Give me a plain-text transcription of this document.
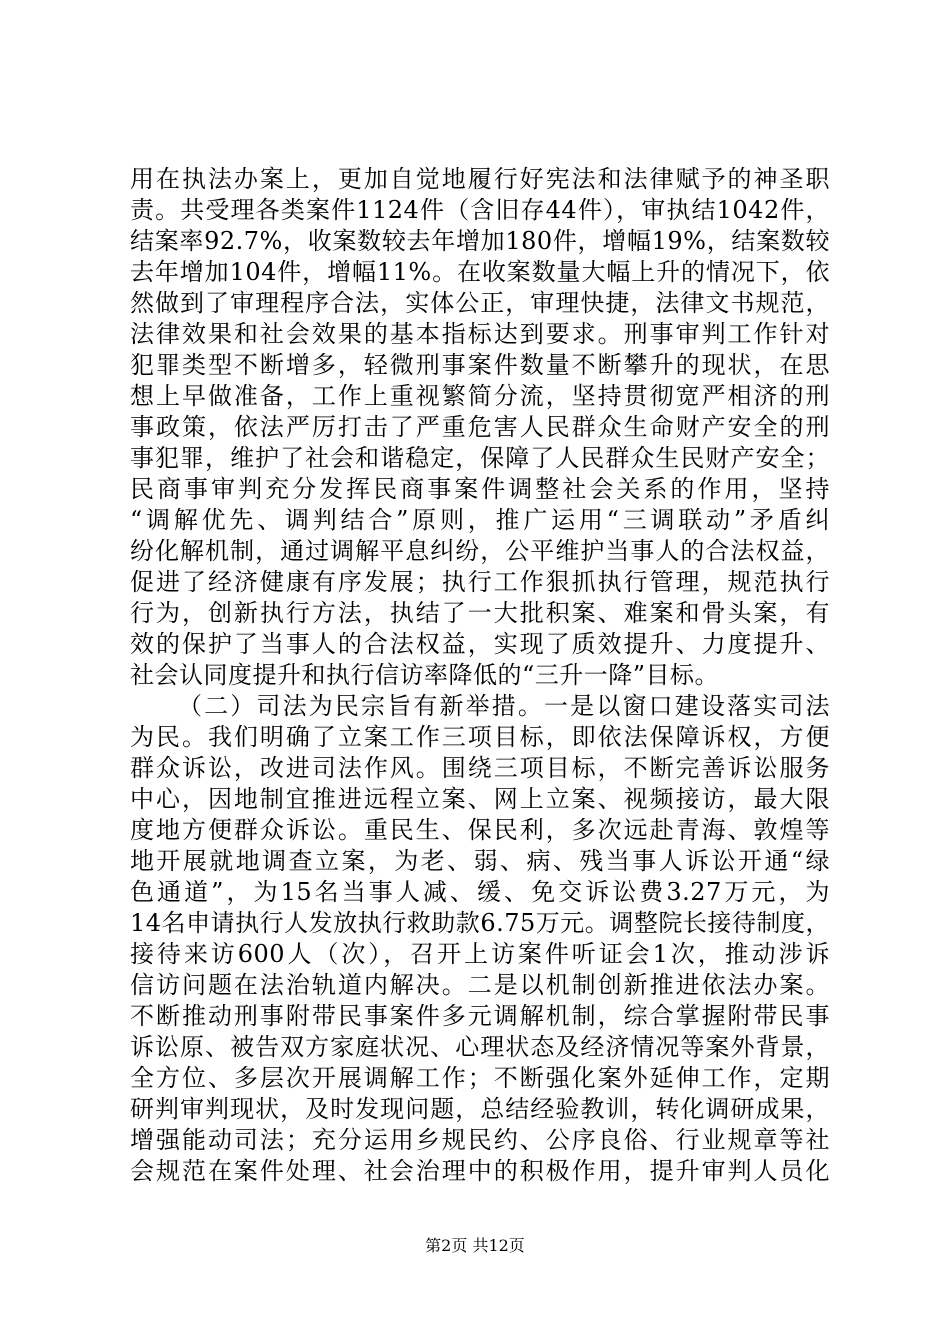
用在执法办案上，更加自觉地履行好宪法和法律赋予的神圣职
责。共受理各类案件1124件（含旧存44件），审执结1042件，
结案率92.7%，收案数较去年增加180件，增幅19%，结案数较
去年增加104件，增幅11%。在收案数量大幅上升的情况下，依
然做到了审理程序合法，实体公正，审理快捷，法律文书规范，
法律效果和社会效果的基本指标达到要求。刑事审判工作针对
犯罪类型不断增多，轻微刑事案件数量不断攀升的现状，在思
想上早做准备，工作上重视繁简分流，坚持贯彻宽严相济的刑
事政策，依法严厉打击了严重危害人民群众生命财产安全的刑
事犯罪，维护了社会和谐稳定，保障了人民群众生民财产安全；
民商事审判充分发挥民商事案件调整社会关系的作用，坚持
“调解优先、调判结合”原则，推广运用“三调联动”矛盾纠
纷化解机制，通过调解平息纠纷，公平维护当事人的合法权益，
促进了经济健康有序发展；执行工作狠抓执行管理，规范执行
行为，创新执行方法，执结了一大批积案、难案和骨头案，有
效的保护了当事人的合法权益，实现了质效提升、力度提升、
社会认同度提升和执行信访率降低的“三升一降”目标。
（二）司法为民宗旨有新举措。一是以窗口建设落实司法
为民。我们明确了立案工作三项目标，即依法保障诉权，方便
群众诉讼，改进司法作风。围绕三项目标，不断完善诉讼服务
中心，因地制宜推进远程立案、网上立案、视频接访，最大限
度地方便群众诉讼。重民生、保民利，多次远赴青海、敦煌等
地开展就地调查立案，为老、弱、病、残当事人诉讼开通“绿
色通道”，为15名当事人减、缓、免交诉讼费3.27万元，为
14名申请执行人发放执行救助款6.75万元。调整院长接待制度，
接待来访600人（次），召开上访案件听证会1次，推动涉诉
信访问题在法治轨道内解决。二是以机制创新推进依法办案。
不断推动刑事附带民事案件多元调解机制，综合掌握附带民事
诉讼原、被告双方家庭状况、心理状态及经济情况等案外背景，
全方位、多层次开展调解工作；不断强化案外延伸工作，定期
研判审判现状，及时发现问题，总结经验教训，转化调研成果，
增强能动司法；充分运用乡规民约、公序良俗、行业规章等社
会规范在案件处理、社会治理中的积极作用，提升审判人员化
第2页 共12页
